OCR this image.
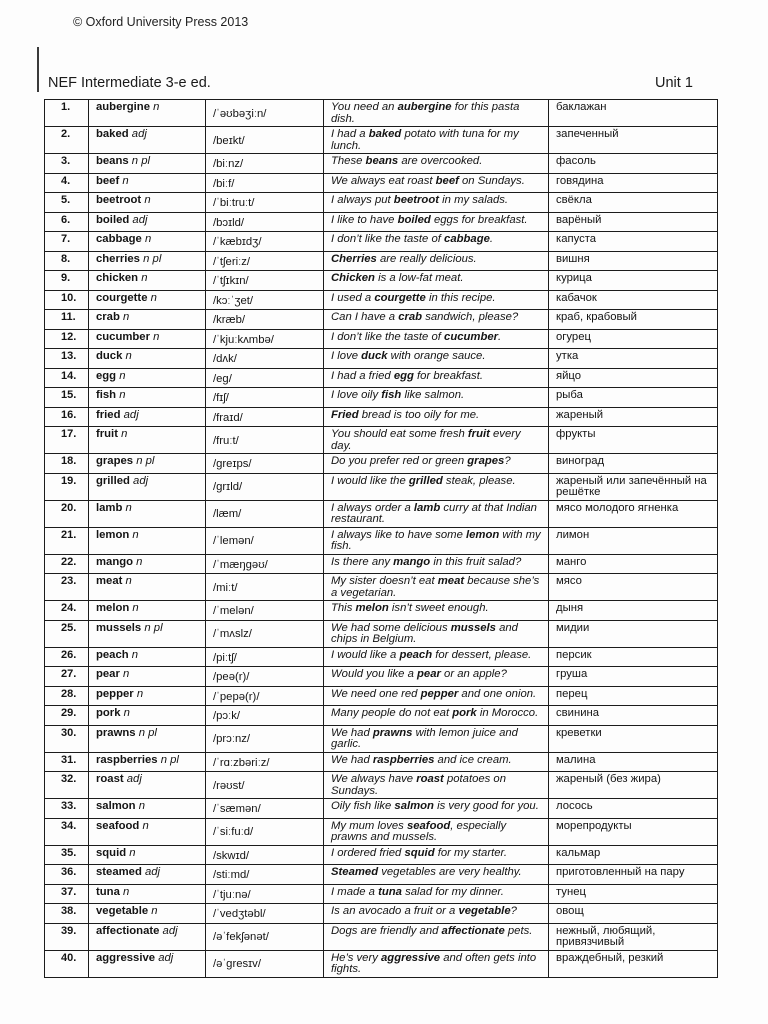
© Oxford University Press 2013
NEF Intermediate 3-e ed.	Unit 1
1.	aubergine n	/ˈəʊbəʒiːn/	You need an aubergine for this pasta dish.	баклажан
2.	baked adj	/beɪkt/	I had a baked potato with tuna for my lunch.	запеченный
3.	beans n pl	/biːnz/	These beans are overcooked.	фасоль
4.	beef n	/biːf/	We always eat roast beef on Sundays.	говядина
5.	beetroot n	/ˈbiːtruːt/	I always put beetroot in my salads.	свёкла
6.	boiled adj	/bɔɪld/	I like to have boiled eggs for breakfast.	варёный
7.	cabbage n	/ˈkæbɪdʒ/	I don’t like the taste of cabbage.	капуста
8.	cherries n pl	/ˈtʃeriːz/	Cherries are really delicious.	вишня
9.	chicken n	/ˈtʃɪkɪn/	Chicken is a low-fat meat.	курица
10.	courgette n	/kɔːˈʒet/	I used a courgette in this recipe.	кабачок
11.	crab n	/kræb/	Can I have a crab sandwich, please?	краб, крабовый
12.	cucumber n	/ˈkjuːkʌmbə/	I don’t like the taste of cucumber.	огурец
13.	duck n	/dʌk/	I love duck with orange sauce.	утка
14.	egg n	/eg/	I had a fried egg for breakfast.	яйцо
15.	fish n	/fɪʃ/	I love oily fish like salmon.	рыба
16.	fried adj	/fraɪd/	Fried bread is too oily for me.	жареный
17.	fruit n	/fruːt/	You should eat some fresh fruit every day.	фрукты
18.	grapes n pl	/greɪps/	Do you prefer red or green grapes?	виноград
19.	grilled adj	/grɪld/	I would like the grilled steak, please.	жареный или запечённый на решётке
20.	lamb n	/læm/	I always order a lamb curry at that Indian restaurant.	мясо молодого ягненка
21.	lemon n	/ˈlemən/	I always like to have some lemon with my fish.	лимон
22.	mango n	/ˈmæŋgəʊ/	Is there any mango in this fruit salad?	манго
23.	meat n	/miːt/	My sister doesn’t eat meat because she’s a vegetarian.	мясо
24.	melon n	/ˈmelən/	This melon isn’t sweet enough.	дыня
25.	mussels n pl	/ˈmʌslz/	We had some delicious mussels and chips in Belgium.	мидии
26.	peach n	/piːtʃ/	I would like a peach for dessert, please.	персик
27.	pear n	/peə(r)/	Would you like a pear or an apple?	груша
28.	pepper n	/ˈpepə(r)/	We need one red pepper and one onion.	перец
29.	pork n	/pɔːk/	Many people do not eat pork in Morocco.	свинина
30.	prawns n pl	/prɔːnz/	We had prawns with lemon juice and garlic.	креветки
31.	raspberries n pl	/ˈrɑːzbəriːz/	We had raspberries and ice cream.	малина
32.	roast adj	/rəʊst/	We always have roast potatoes on Sundays.	жареный (без жира)
33.	salmon n	/ˈsæmən/	Oily fish like salmon is very good for you.	лосось
34.	seafood n	/ˈsiːfuːd/	My mum loves seafood, especially prawns and mussels.	морепродукты
35.	squid n	/skwɪd/	I ordered fried squid for my starter.	кальмар
36.	steamed adj	/stiːmd/	Steamed vegetables are very healthy.	приготовленный на пару
37.	tuna n	/ˈtjuːnə/	I made a tuna salad for my dinner.	тунец
38.	vegetable n	/ˈvedʒtəbl/	Is an avocado a fruit or a vegetable?	овощ
39.	affectionate adj	/əˈfekʃənət/	Dogs are friendly and affectionate pets.	нежный, любящий, привязчивый
40.	aggressive adj	/əˈgresɪv/	He’s very aggressive and often gets into fights.	враждебный, резкий
